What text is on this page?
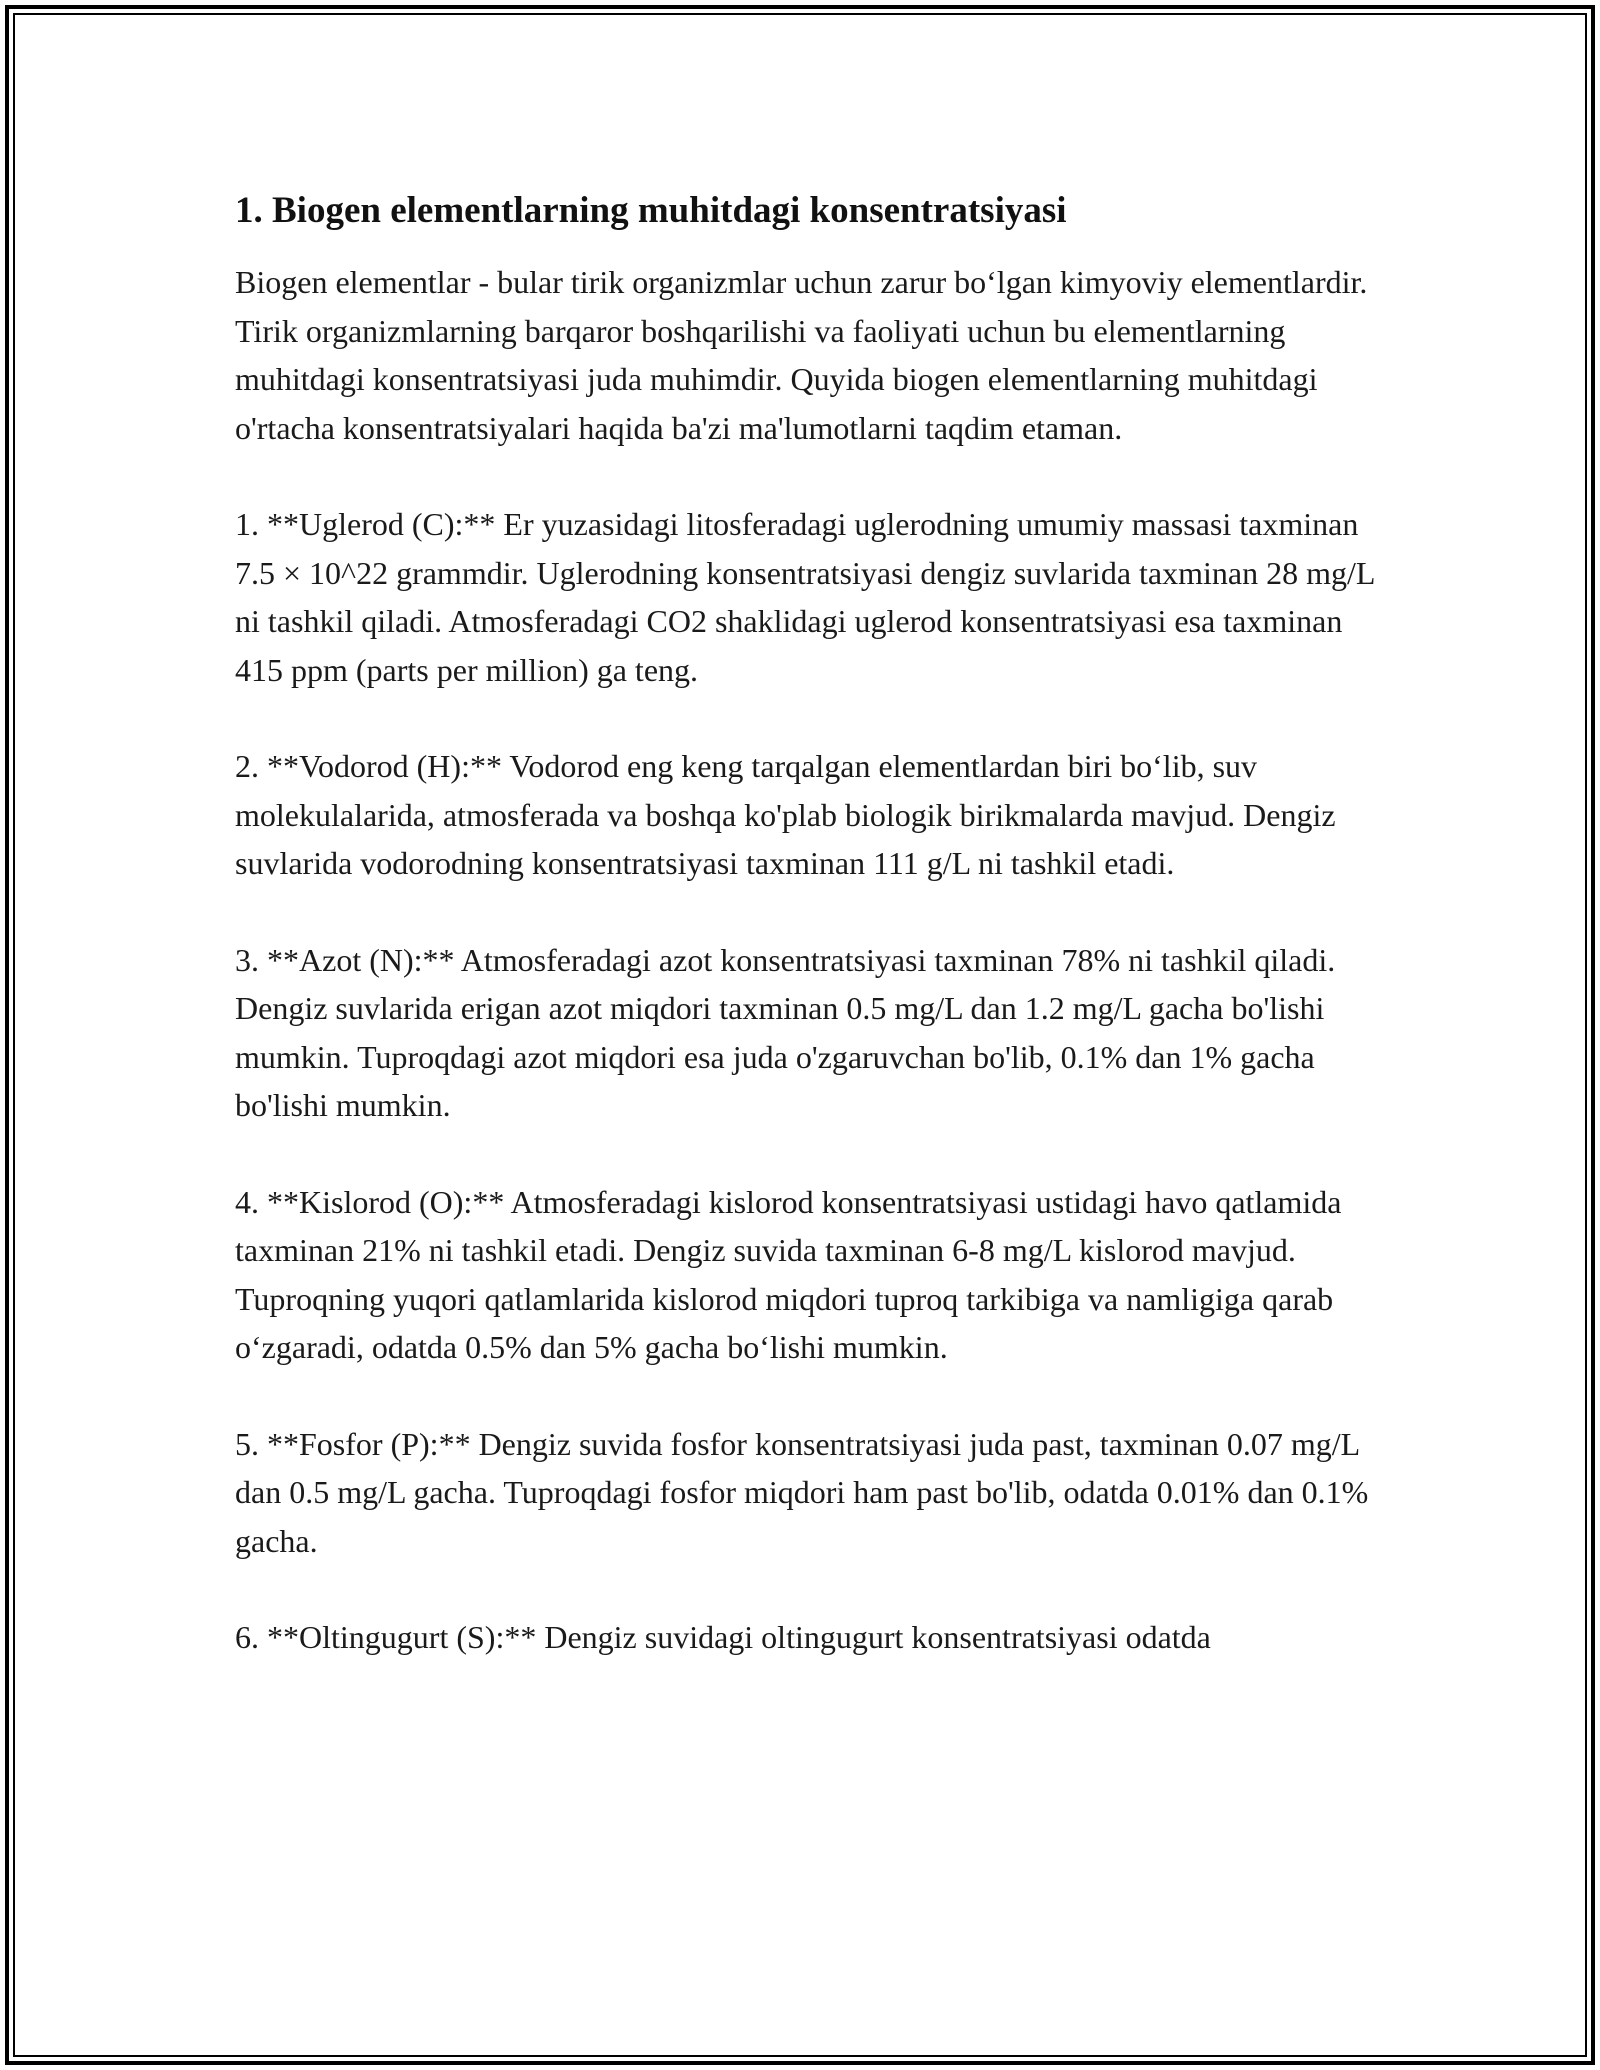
1. Biogen elementlarning muhitdagi konsentratsiyasi

Biogen elementlar - bular tirik organizmlar uchun zarur bo‘lgan kimyoviy elementlardir. Tirik organizmlarning barqaror boshqarilishi va faoliyati uchun bu elementlarning muhitdagi konsentratsiyasi juda muhimdir. Quyida biogen elementlarning muhitdagi o'rtacha konsentratsiyalari haqida ba'zi ma'lumotlarni taqdim etaman.

1. **Uglerod (C):** Er yuzasidagi litosferadagi uglerodning umumiy massasi taxminan 7.5 × 10^22 grammdir. Uglerodning konsentratsiyasi dengiz suvlarida taxminan 28 mg/L ni tashkil qiladi. Atmosferadagi CO2 shaklidagi uglerod konsentratsiyasi esa taxminan 415 ppm (parts per million) ga teng.

2. **Vodorod (H):** Vodorod eng keng tarqalgan elementlardan biri bo‘lib, suv molekulalarida, atmosferada va boshqa ko'plab biologik birikmalarda mavjud. Dengiz suvlarida vodorodning konsentratsiyasi taxminan 111 g/L ni tashkil etadi.

3. **Azot (N):** Atmosferadagi azot konsentratsiyasi taxminan 78% ni tashkil qiladi. Dengiz suvlarida erigan azot miqdori taxminan 0.5 mg/L dan 1.2 mg/L gacha bo'lishi mumkin. Tuproqdagi azot miqdori esa juda o'zgaruvchan bo'lib, 0.1% dan 1% gacha bo'lishi mumkin.

4. **Kislorod (O):** Atmosferadagi kislorod konsentratsiyasi ustidagi havo qatlamida taxminan 21% ni tashkil etadi. Dengiz suvida taxminan 6-8 mg/L kislorod mavjud. Tuproqning yuqori qatlamlarida kislorod miqdori tuproq tarkibiga va namligiga qarab o‘zgaradi, odatda 0.5% dan 5% gacha bo‘lishi mumkin.

5. **Fosfor (P):** Dengiz suvida fosfor konsentratsiyasi juda past, taxminan 0.07 mg/L dan 0.5 mg/L gacha. Tuproqdagi fosfor miqdori ham past bo'lib, odatda 0.01% dan 0.1% gacha.

6. **Oltingugurt (S):** Dengiz suvidagi oltingugurt konsentratsiyasi odatda
